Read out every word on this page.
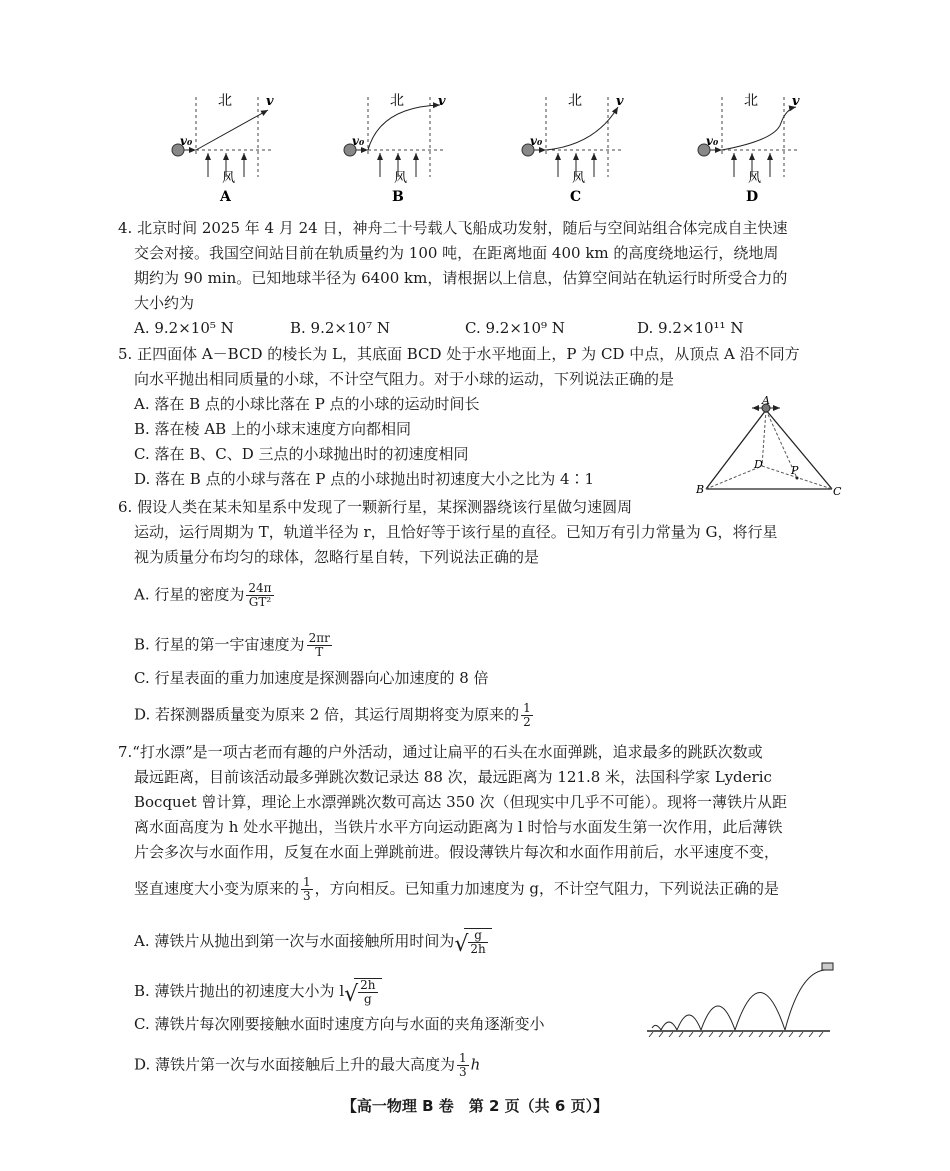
北
风
v
v₀
A
北
风
v
v₀
B
北
风
v
v₀
C
北
风
v
v₀
D
4. 北京时间 2025 年 4 月 24 日，神舟二十号载人飞船成功发射，随后与空间站组合体完成自主快速
交会对接。我国空间站目前在轨质量约为 100 吨，在距离地面 400 km 的高度绕地运行，绕地周
期约为 90 min。已知地球半径为 6400 km，请根据以上信息，估算空间站在轨运行时所受合力的
大小约为
A. 9.2×10⁵ N	B. 9.2×10⁷ N	C. 9.2×10⁹ N	D. 9.2×10¹¹ N
5. 正四面体 A－BCD 的棱长为 L，其底面 BCD 处于水平地面上，P 为 CD 中点，从顶点 A 沿不同方
向水平抛出相同质量的小球，不计空气阻力。对于小球的运动，下列说法正确的是
A. 落在 B 点的小球比落在 P 点的小球的运动时间长
B. 落在棱 AB 上的小球末速度方向都相同
C. 落在 B、C、D 三点的小球抛出时的初速度相同
D. 落在 B 点的小球与落在 P 点的小球抛出时初速度大小之比为 4∶1
A
B	C
D	P
6. 假设人类在某未知星系中发现了一颗新行星，某探测器绕该行星做匀速圆周
运动，运行周期为 T，轨道半径为 r，且恰好等于该行星的直径。已知万有引力常量为 G，将行星
视为质量分布均匀的球体，忽略行星自转，下列说法正确的是
A. 行星的密度为 $\frac{24\pi}{\text{GT²}}$
B. 行星的第一宇宙速度为 $\frac{2\pi r}{T}$
C. 行星表面的重力加速度是探测器向心加速度的 8 倍
D. 若探测器质量变为原来 2 倍，其运行周期将变为原来的 $\frac{1}{2}$
7.“打水漂”是一项古老而有趣的户外活动，通过让扁平的石头在水面弹跳，追求最多的跳跃次数或
最远距离，目前该活动最多弹跳次数记录达 88 次，最远距离为 121.8 米，法国科学家 Lyderic
Bocquet 曾计算，理论上水漂弹跳次数可高达 350 次（但现实中几乎不可能）。现将一薄铁片从距
离水面高度为 h 处水平抛出，当铁片水平方向运动距离为 l 时恰与水面发生第一次作用，此后薄铁
片会多次与水面作用，反复在水面上弹跳前进。假设薄铁片每次和水面作用前后，水平速度不变，
竖直速度大小变为原来的 $\frac{1}{3}$ ，方向相反。已知重力加速度为 g，不计空气阻力，下列说法正确的是
A. 薄铁片从抛出到第一次与水面接触所用时间为 √ $\frac{g}{2h}$
B. 薄铁片抛出的初速度大小为 l √ $\frac{2h}{g}$
C. 薄铁片每次刚要接触水面时速度方向与水面的夹角逐渐变小
D. 薄铁片第一次与水面接触后上升的最大高度为 $\frac{1}{3}$ h
【高一物理 B 卷　第 2 页（共 6 页）】
